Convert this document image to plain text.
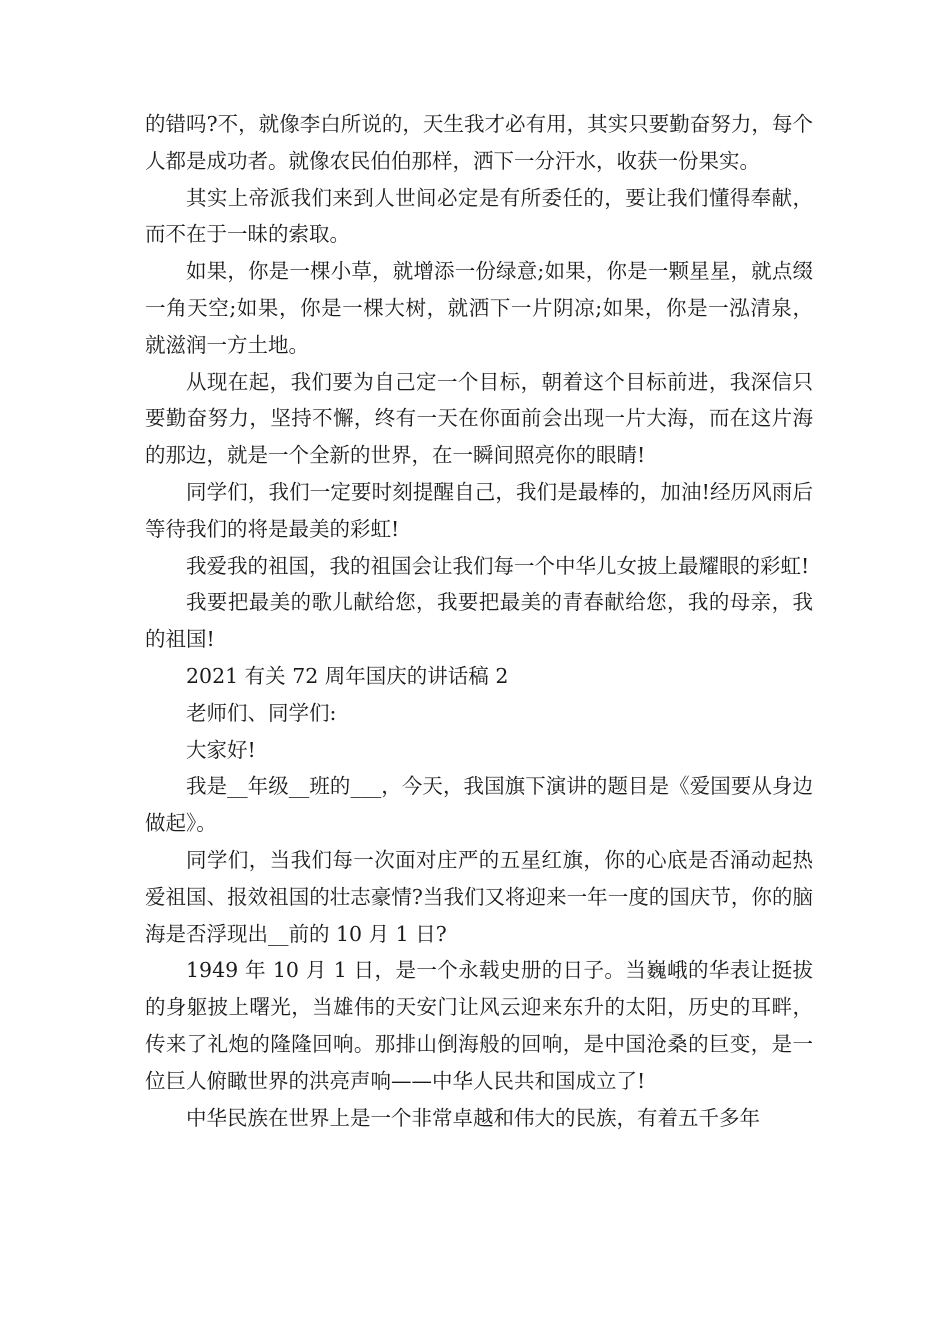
的错吗?不，就像李白所说的，天生我才必有用，其实只要勤奋努力，每个人都是成功者。就像农民伯伯那样，洒下一分汗水，收获一份果实。

其实上帝派我们来到人世间必定是有所委任的，要让我们懂得奉献，而不在于一昧的索取。

如果，你是一棵小草，就增添一份绿意;如果，你是一颗星星，就点缀一角天空;如果，你是一棵大树，就洒下一片阴凉;如果，你是一泓清泉，就滋润一方土地。

从现在起，我们要为自己定一个目标，朝着这个目标前进，我深信只要勤奋努力，坚持不懈，终有一天在你面前会出现一片大海，而在这片海的那边，就是一个全新的世界，在一瞬间照亮你的眼睛!

同学们，我们一定要时刻提醒自己，我们是最棒的，加油!经历风雨后等待我们的将是最美的彩虹!

我爱我的祖国，我的祖国会让我们每一个中华儿女披上最耀眼的彩虹!

我要把最美的歌儿献给您，我要把最美的青春献给您，我的母亲，我的祖国!

2021 有关 72 周年国庆的讲话稿 2

老师们、同学们:

大家好!

我是__年级__班的___，今天，我国旗下演讲的题目是《爱国要从身边做起》。

同学们，当我们每一次面对庄严的五星红旗，你的心底是否涌动起热爱祖国、报效祖国的壮志豪情?当我们又将迎来一年一度的国庆节，你的脑海是否浮现出__前的 10 月 1 日?

1949 年 10 月 1 日，是一个永载史册的日子。当巍峨的华表让挺拔的身躯披上曙光，当雄伟的天安门让风云迎来东升的太阳，历史的耳畔，传来了礼炮的隆隆回响。那排山倒海般的回响，是中国沧桑的巨变，是一位巨人俯瞰世界的洪亮声响——中华人民共和国成立了!

中华民族在世界上是一个非常卓越和伟大的民族，有着五千多年
